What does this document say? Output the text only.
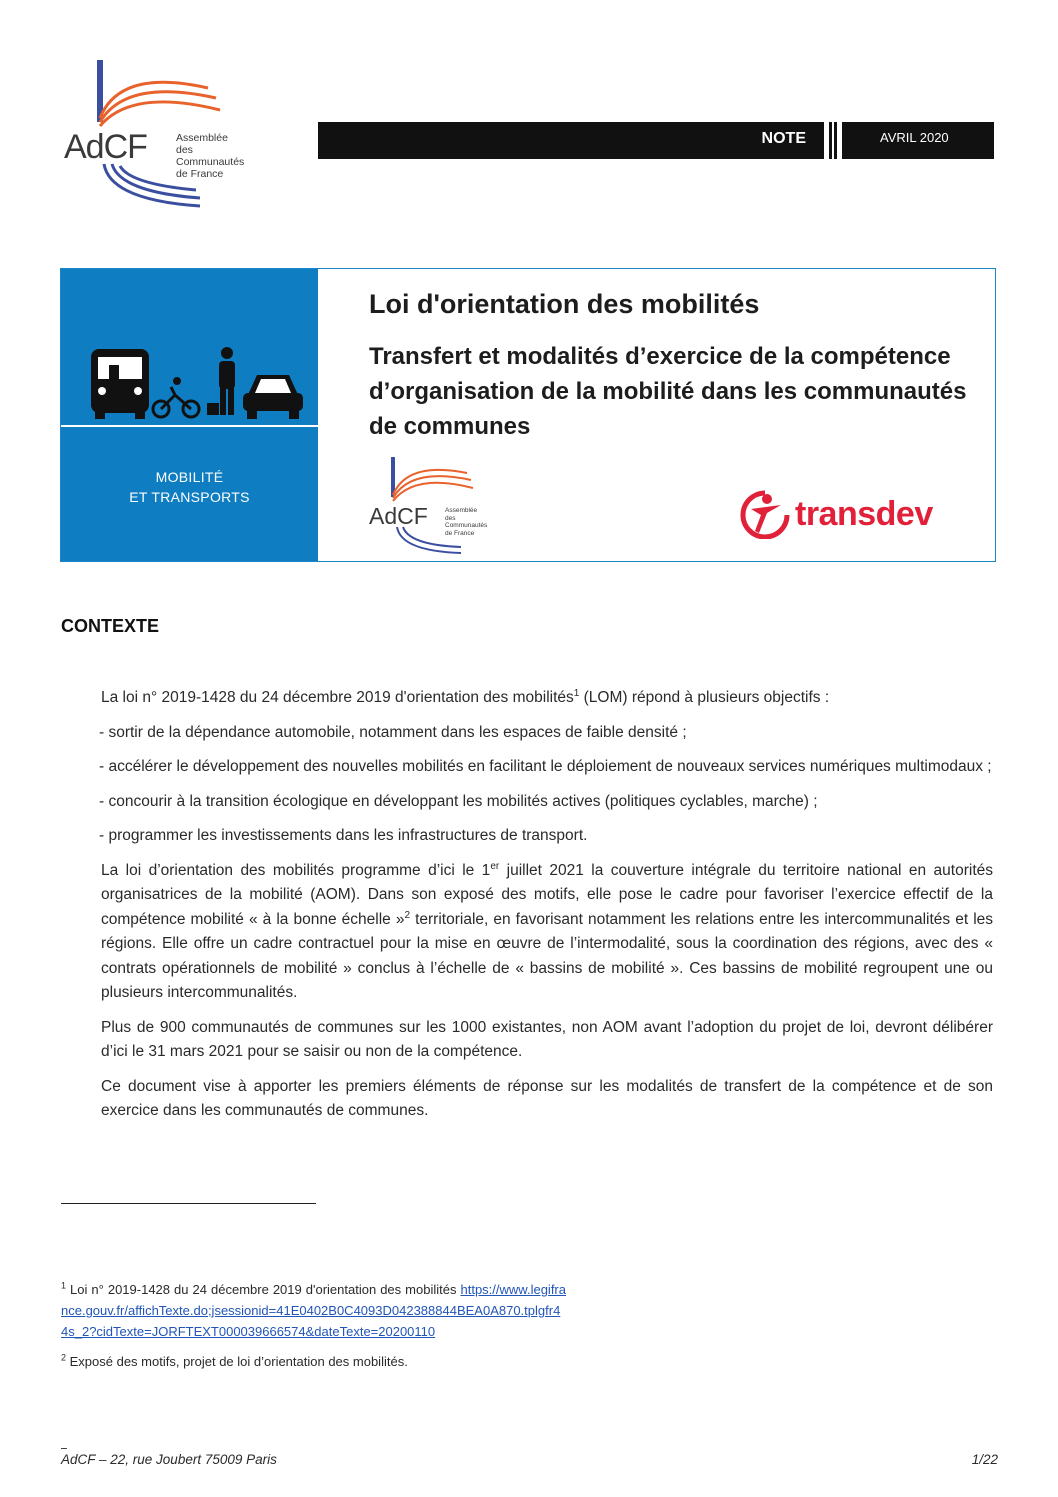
AdCF	Assemblée
des Communautés
de France
NOTE	AVRIL 2020
MOBILITÉ
ET TRANSPORTS
Loi d'orientation des mobilités
Transfert et modalités d’exercice de la compétence d’organisation de la mobilité dans les communautés de communes
AdCF	Assemblée
des Communautés
de France	transdev
CONTEXTE

La loi n° 2019-1428 du 24 décembre 2019 d'orientation des mobilités$^1$ (LOM) répond à plusieurs objectifs :

- sortir de la dépendance automobile, notamment dans les espaces de faible densité ;

- accélérer le développement des nouvelles mobilités en facilitant le déploiement de nouveaux services numériques multimodaux ;

- concourir à la transition écologique en développant les mobilités actives (politiques cyclables, marche) ;

- programmer les investissements dans les infrastructures de transport.

La loi d’orientation des mobilités programme d’ici le 1er juillet 2021 la couverture intégrale du territoire national en autorités organisatrices de la mobilité (AOM). Dans son exposé des motifs, elle pose le cadre pour favoriser l’exercice effectif de la compétence mobilité « à la bonne échelle »$^2$ territoriale, en favorisant notamment les relations entre les intercommunalités et les régions. Elle offre un cadre contractuel pour la mise en œuvre de l’intermodalité, sous la coordination des régions, avec des « contrats opérationnels de mobilité » conclus à l’échelle de « bassins de mobilité ». Ces bassins de mobilité regroupent une ou plusieurs intercommunalités.

Plus de 900 communautés de communes sur les 1000 existantes, non AOM avant l’adoption du projet de loi, devront délibérer d’ici le 31 mars 2021 pour se saisir ou non de la compétence.

Ce document vise à apporter les premiers éléments de réponse sur les modalités de transfert de la compétence et de son exercice dans les communautés de communes.

$^1$ Loi n° 2019-1428 du 24 décembre 2019 d'orientation des mobilités https://www.legifrance.gouv.fr/affichTexte.do;jsessionid=41E0402B0C4093D042388844BEA0A870.tplgfr44s_2?cidTexte=JORFTEXT000039666574&dateTexte=20200110

$^2$ Exposé des motifs, projet de loi d’orientation des mobilités.

AdCF – 22, rue Joubert 75009 Paris	1/22
